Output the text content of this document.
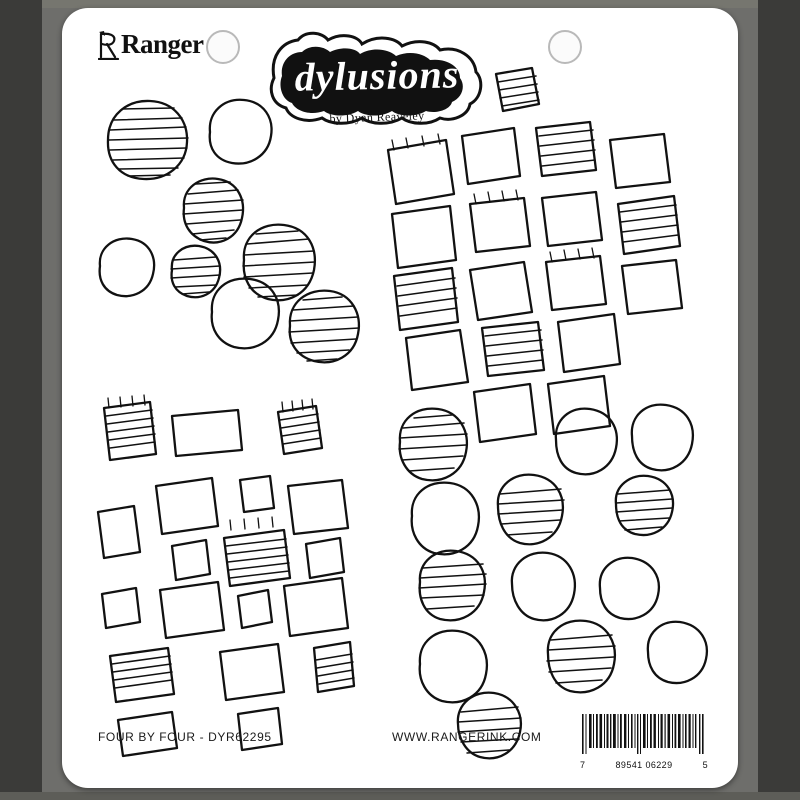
Ranger
dylusions
by Dyan Reaveley
FOUR BY FOUR - DYR62295	WWW.RANGERINK.COM
7	89541 06229	5
